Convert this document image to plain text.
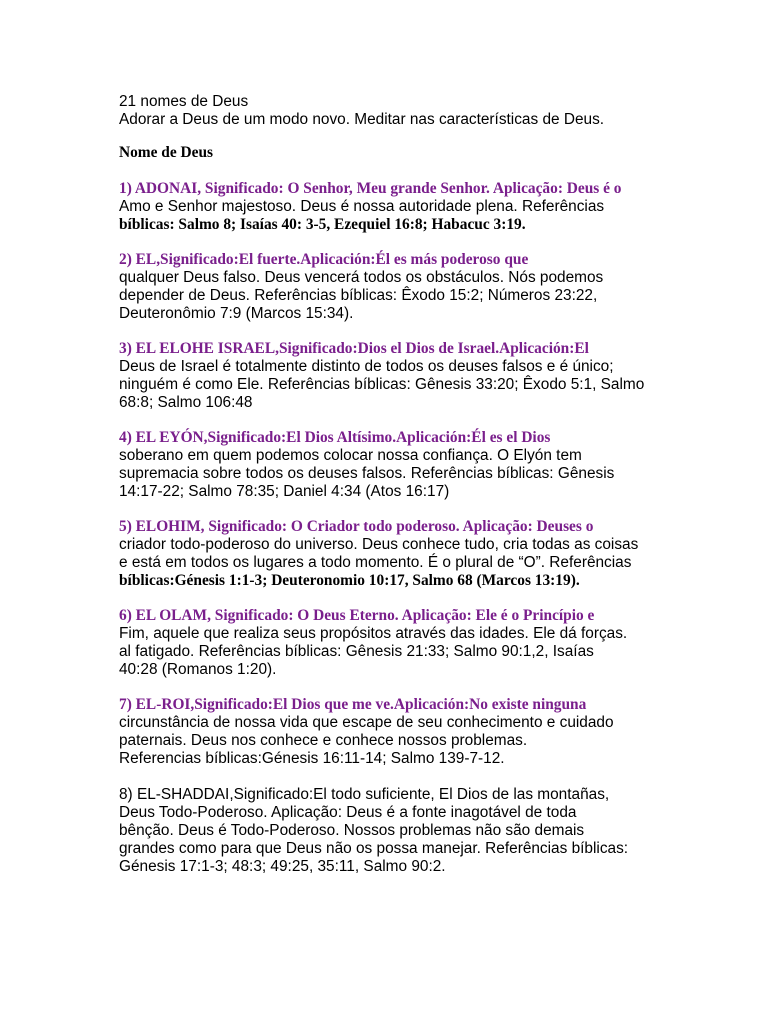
21 nomes de Deus
Adorar a Deus de um modo novo. Meditar nas características de Deus.
Nome de Deus
1) ADONAI, Significado: O Senhor, Meu grande Senhor. Aplicação: Deus é o
Amo e Senhor majestoso. Deus é nossa autoridade plena. Referências
bíblicas: Salmo 8; Isaías 40: 3-5, Ezequiel 16:8; Habacuc 3:19.
2) EL,Significado:El fuerte.Aplicación:Él es más poderoso que
qualquer Deus falso. Deus vencerá todos os obstáculos. Nós podemos
depender de Deus. Referências bíblicas: Êxodo 15:2; Números 23:22,
Deuteronômio 7:9 (Marcos 15:34).
3) EL ELOHE ISRAEL,Significado:Dios el Dios de Israel.Aplicación:El
Deus de Israel é totalmente distinto de todos os deuses falsos e é único;
ninguém é como Ele. Referências bíblicas: Gênesis 33:20; Êxodo 5:1, Salmo
68:8; Salmo 106:48
4) EL EYÓN,Significado:El Dios Altísimo.Aplicación:Él es el Dios
soberano em quem podemos colocar nossa confiança. O Elyón tem
supremacia sobre todos os deuses falsos. Referências bíblicas: Gênesis
14:17-22; Salmo 78:35; Daniel 4:34 (Atos 16:17)
5) ELOHIM, Significado: O Criador todo poderoso. Aplicação: Deuses o
criador todo-poderoso do universo. Deus conhece tudo, cria todas as coisas
e está em todos os lugares a todo momento. É o plural de “O”. Referências
bíblicas:Génesis 1:1-3; Deuteronomio 10:17, Salmo 68 (Marcos 13:19).
6) EL OLAM, Significado: O Deus Eterno. Aplicação: Ele é o Princípio e
Fim, aquele que realiza seus propósitos através das idades. Ele dá forças.
al fatigado. Referências bíblicas: Gênesis 21:33; Salmo 90:1,2, Isaías
40:28 (Romanos 1:20).
7) EL-ROI,Significado:El Dios que me ve.Aplicación:No existe ninguna
circunstância de nossa vida que escape de seu conhecimento e cuidado
paternais. Deus nos conhece e conhece nossos problemas.
Referencias bíblicas:Génesis 16:11-14; Salmo 139-7-12.
8) EL-SHADDAI,Significado:El todo suficiente, El Dios de las montañas,
Deus Todo-Poderoso. Aplicação: Deus é a fonte inagotável de toda
bênção. Deus é Todo-Poderoso. Nossos problemas não são demais
grandes como para que Deus não os possa manejar. Referências bíblicas:
Génesis 17:1-3; 48:3; 49:25, 35:11, Salmo 90:2.
